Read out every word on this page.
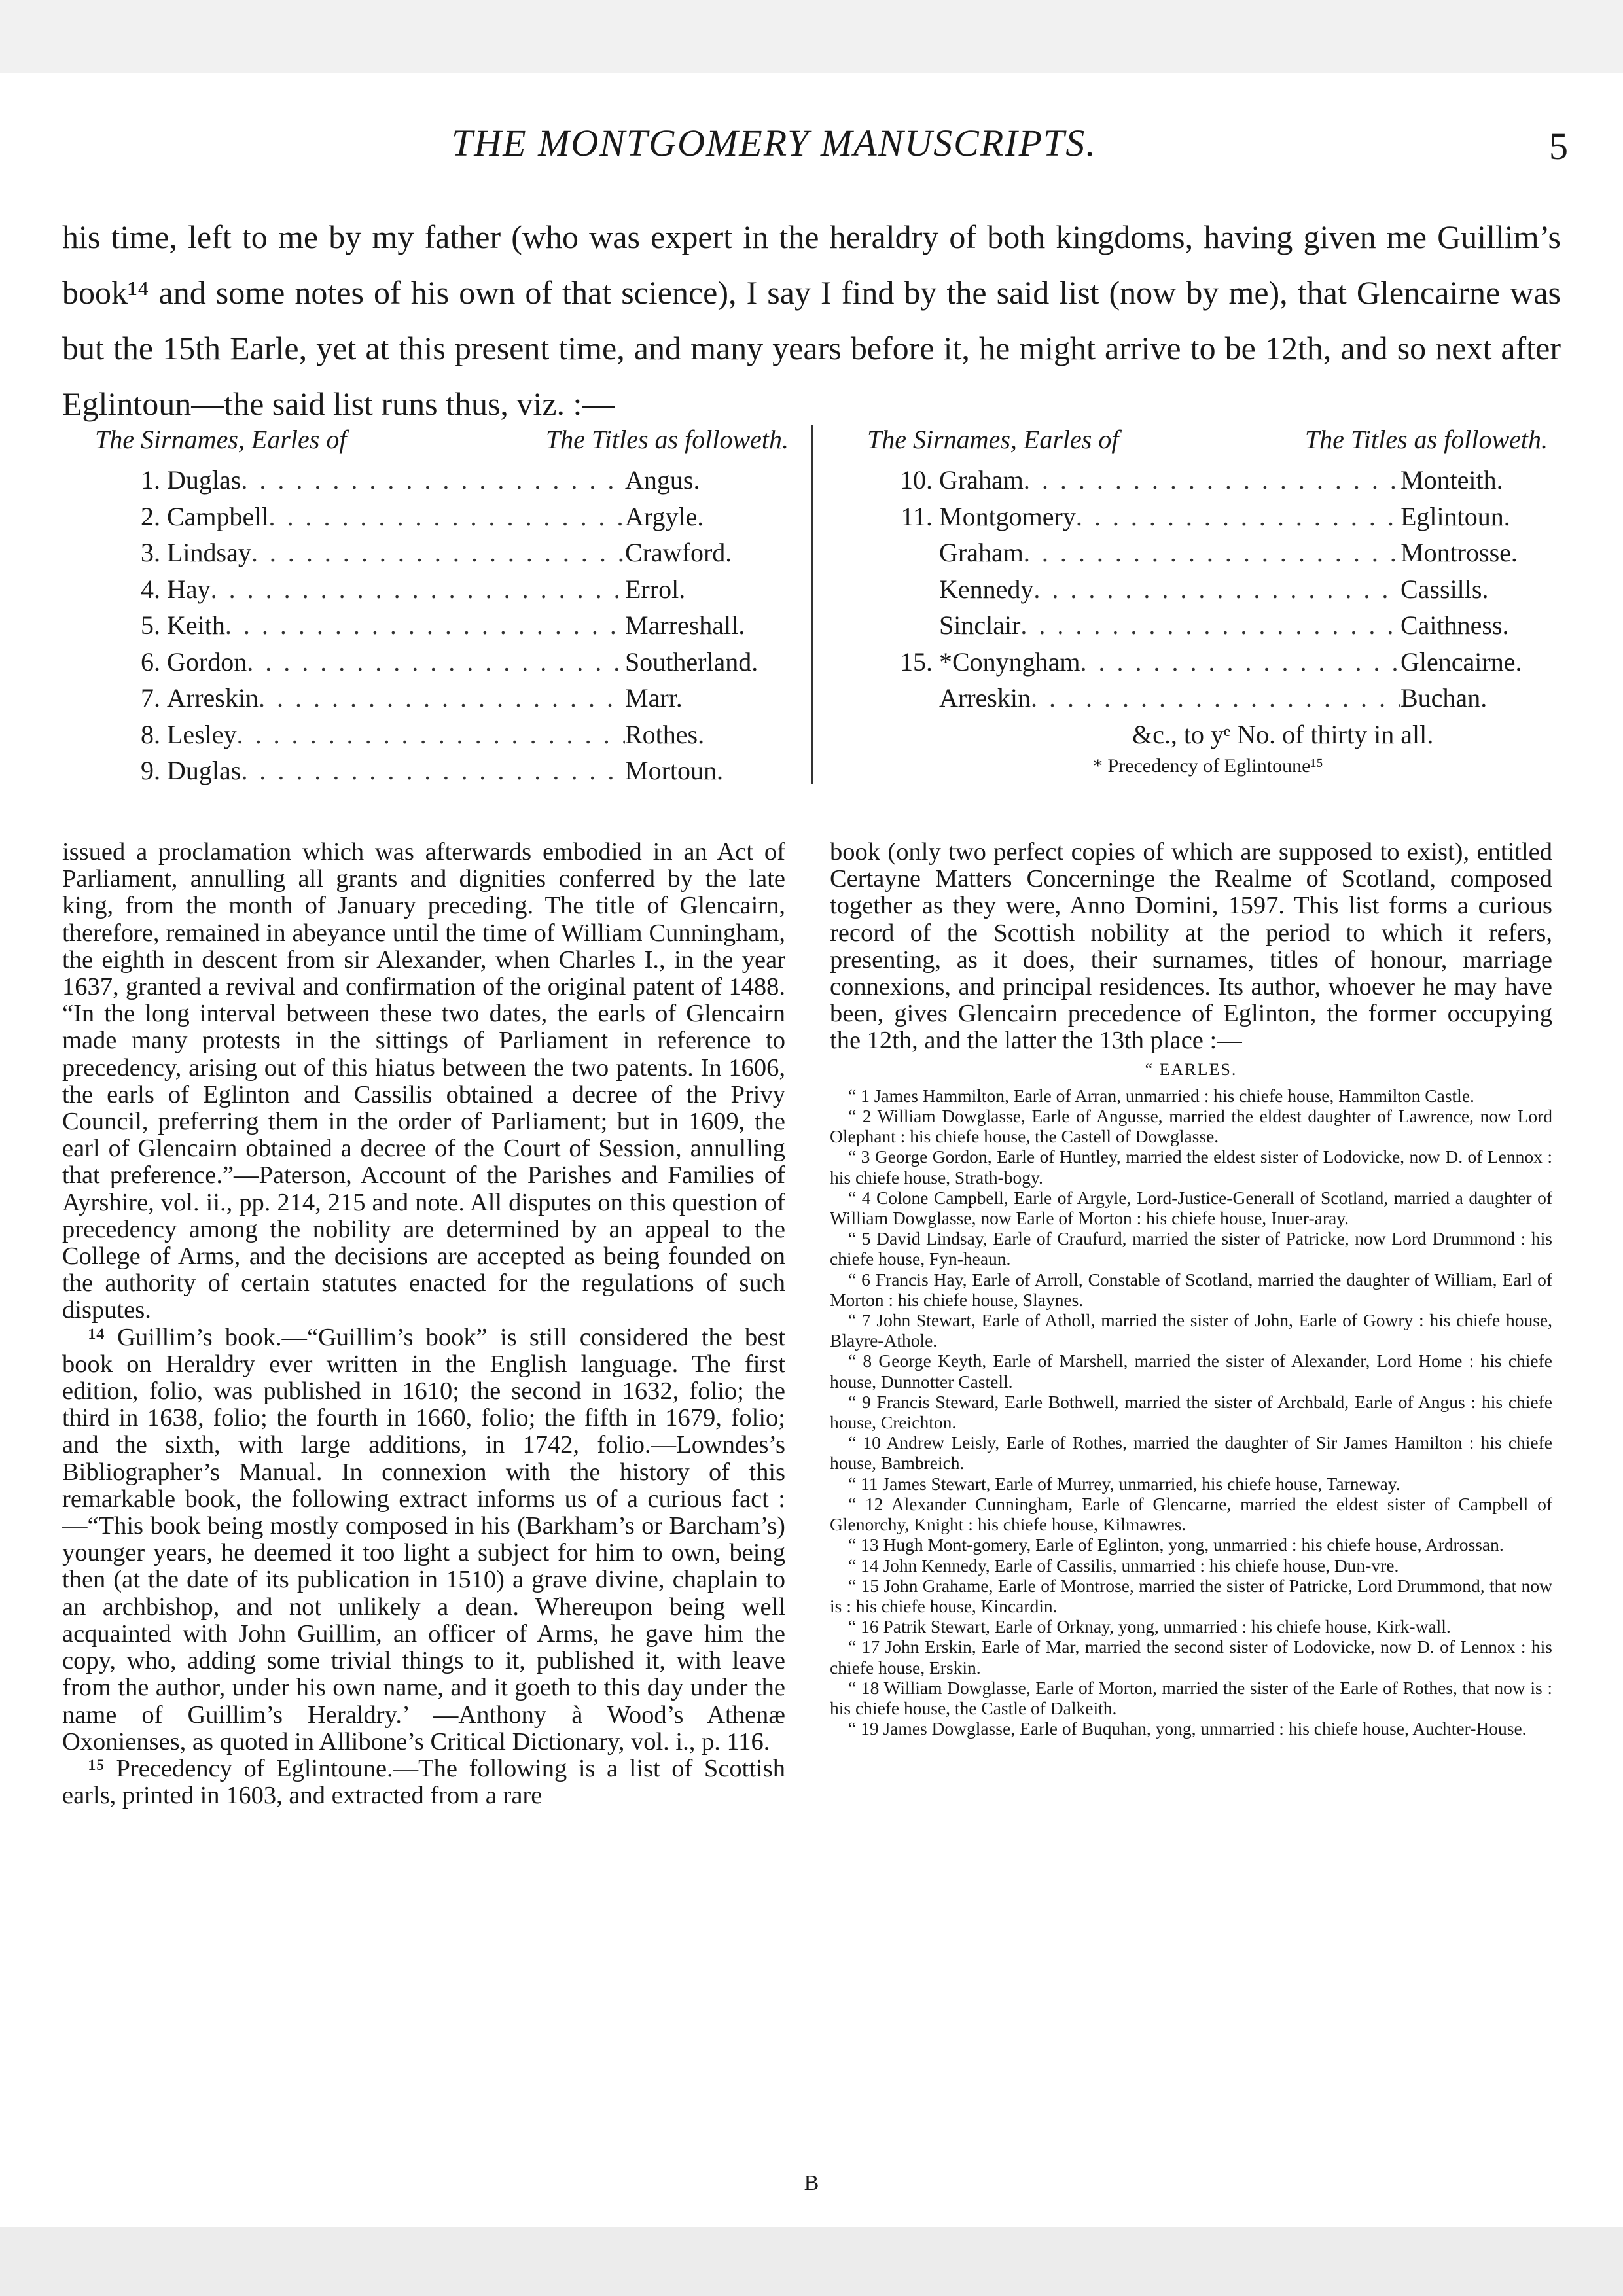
THE MONTGOMERY MANUSCRIPTS.	5

his time, left to me by my father (who was expert in the heraldry of both kingdoms, having given me Guillim’s book¹⁴ and some notes of his own of that science), I say I find by the said list (now by me), that Glencairne was but the 15th Earle, yet at this present time, and many years before it, he might arrive to be 12th, and so next after Eglintoun—the said list runs thus, viz. :—

The Sirnames, Earles of	The Titles as followeth.
1. Duglas . . .	Angus.
2. Campbell . . .	Argyle.
3. Lindsay . . .	Crawford.
4. Hay . . .	Errol.
5. Keith . . .	Marreshall.
6. Gordon . . .	Southerland.
7. Arreskin . . .	Marr.
8. Lesley . . .	Rothes.
9. Duglas . . .	Mortoun.
The Sirnames, Earles of	The Titles as followeth.
10. Graham . . .	Monteith.
11. Montgomery . . .	Eglintoun.
Graham . . .	Montrosse.
Kennedy . . .	Cassills.
Sinclair . . .	Caithness.
15. *Conyngham . . .	Glencairne.
Arreskin . . .	Buchan.
&c., to yᵉ No. of thirty in all.
* Precedency of Eglintoune¹⁵

issued a proclamation which was afterwards embodied in an Act of Parliament, annulling all grants and dignities conferred by the late king, from the month of January preceding. The title of Glencairn, therefore, remained in abeyance until the time of William Cunningham, the eighth in descent from sir Alexander, when Charles I., in the year 1637, granted a revival and confirmation of the original patent of 1488. “In the long interval between these two dates, the earls of Glencairn made many protests in the sittings of Parliament in reference to precedency, arising out of this hiatus between the two patents. In 1606, the earls of Eglinton and Cassilis obtained a decree of the Privy Council, preferring them in the order of Parliament; but in 1609, the earl of Glencairn obtained a decree of the Court of Session, annulling that preference.”—Paterson, Account of the Parishes and Families of Ayrshire, vol. ii., pp. 214, 215 and note. All disputes on this question of precedency among the nobility are determined by an appeal to the College of Arms, and the decisions are accepted as being founded on the authority of certain statutes enacted for the regulations of such disputes.

¹⁴ Guillim’s book.—“Guillim’s book” is still considered the best book on Heraldry ever written in the English language. The first edition, folio, was published in 1610; the second in 1632, folio; the third in 1638, folio; the fourth in 1660, folio; the fifth in 1679, folio; and the sixth, with large additions, in 1742, folio.—Lowndes’s Bibliographer’s Manual. In connexion with the history of this remarkable book, the following extract informs us of a curious fact :—“This book being mostly composed in his (Barkham’s or Barcham’s) younger years, he deemed it too light a subject for him to own, being then (at the date of its publication in 1510) a grave divine, chaplain to an archbishop, and not unlikely a dean. Whereupon being well acquainted with John Guillim, an officer of Arms, he gave him the copy, who, adding some trivial things to it, published it, with leave from the author, under his own name, and it goeth to this day under the name of Guillim’s Heraldry.’ —Anthony à Wood’s Athenæ Oxonienses, as quoted in Allibone’s Critical Dictionary, vol. i., p. 116.

¹⁵ Precedency of Eglintoune.—The following is a list of Scottish earls, printed in 1603, and extracted from a rare

book (only two perfect copies of which are supposed to exist), entitled Certayne Matters Concerninge the Realme of Scotland, composed together as they were, Anno Domini, 1597. This list forms a curious record of the Scottish nobility at the period to which it refers, presenting, as it does, their surnames, titles of honour, marriage connexions, and principal residences. Its author, whoever he may have been, gives Glencairn precedence of Eglinton, the former occupying the 12th, and the latter the 13th place :—

“ EARLES.

“ 1 James Hammilton, Earle of Arran, unmarried : his chiefe house, Hammilton Castle.

“ 2 William Dowglasse, Earle of Angusse, married the eldest daughter of Lawrence, now Lord Olephant : his chiefe house, the Castell of Dowglasse.

“ 3 George Gordon, Earle of Huntley, married the eldest sister of Lodovicke, now D. of Lennox : his chiefe house, Strath-bogy.

“ 4 Colone Campbell, Earle of Argyle, Lord-Justice-Generall of Scotland, married a daughter of William Dowglasse, now Earle of Morton : his chiefe house, Inuer-aray.

“ 5 David Lindsay, Earle of Craufurd, married the sister of Patricke, now Lord Drummond : his chiefe house, Fyn-heaun.

“ 6 Francis Hay, Earle of Arroll, Constable of Scotland, married the daughter of William, Earl of Morton : his chiefe house, Slaynes.

“ 7 John Stewart, Earle of Atholl, married the sister of John, Earle of Gowry : his chiefe house, Blayre-Athole.

“ 8 George Keyth, Earle of Marshell, married the sister of Alexander, Lord Home : his chiefe house, Dunnotter Castell.

“ 9 Francis Steward, Earle Bothwell, married the sister of Archbald, Earle of Angus : his chiefe house, Creichton.

“ 10 Andrew Leisly, Earle of Rothes, married the daughter of Sir James Hamilton : his chiefe house, Bambreich.

“ 11 James Stewart, Earle of Murrey, unmarried, his chiefe house, Tarneway.

“ 12 Alexander Cunningham, Earle of Glencarne, married the eldest sister of Campbell of Glenorchy, Knight : his chiefe house, Kilmawres.

“ 13 Hugh Mont-gomery, Earle of Eglinton, yong, unmarried : his chiefe house, Ardrossan.

“ 14 John Kennedy, Earle of Cassilis, unmarried : his chiefe house, Dun-vre.

“ 15 John Grahame, Earle of Montrose, married the sister of Patricke, Lord Drummond, that now is : his chiefe house, Kincardin.

“ 16 Patrik Stewart, Earle of Orknay, yong, unmarried : his chiefe house, Kirk-wall.

“ 17 John Erskin, Earle of Mar, married the second sister of Lodovicke, now D. of Lennox : his chiefe house, Erskin.

“ 18 William Dowglasse, Earle of Morton, married the sister of the Earle of Rothes, that now is : his chiefe house, the Castle of Dalkeith.

“ 19 James Dowglasse, Earle of Buquhan, yong, unmarried : his chiefe house, Auchter-House.

B
